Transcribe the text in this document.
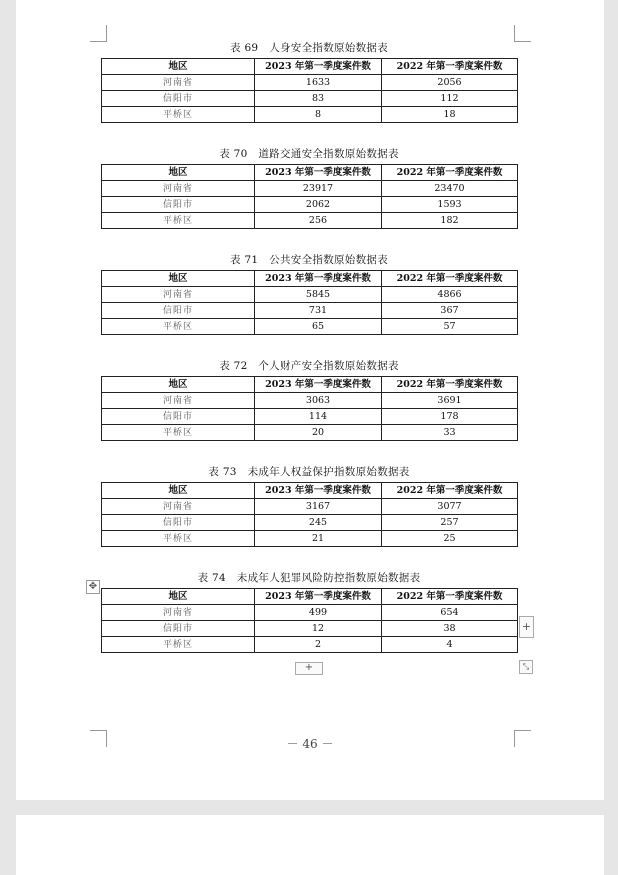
表 69　人身安全指数原始数据表
地区	2023 年第一季度案件数	2022 年第一季度案件数
河南省	1633	2056
信阳市	83	112
平桥区	8	18
表 70　道路交通安全指数原始数据表
地区	2023 年第一季度案件数	2022 年第一季度案件数
河南省	23917	23470
信阳市	2062	1593
平桥区	256	182
表 71　公共安全指数原始数据表
地区	2023 年第一季度案件数	2022 年第一季度案件数
河南省	5845	4866
信阳市	731	367
平桥区	65	57
表 72　个人财产安全指数原始数据表
地区	2023 年第一季度案件数	2022 年第一季度案件数
河南省	3063	3691
信阳市	114	178
平桥区	20	33
表 73　未成年人权益保护指数原始数据表
地区	2023 年第一季度案件数	2022 年第一季度案件数
河南省	3167	3077
信阳市	245	257
平桥区	21	25
表 74　未成年人犯罪风险防控指数原始数据表
地区	2023 年第一季度案件数	2022 年第一季度案件数
河南省	499	654
信阳市	12	38
平桥区	2	4
✥
+
+	⤡
－ 46 －
